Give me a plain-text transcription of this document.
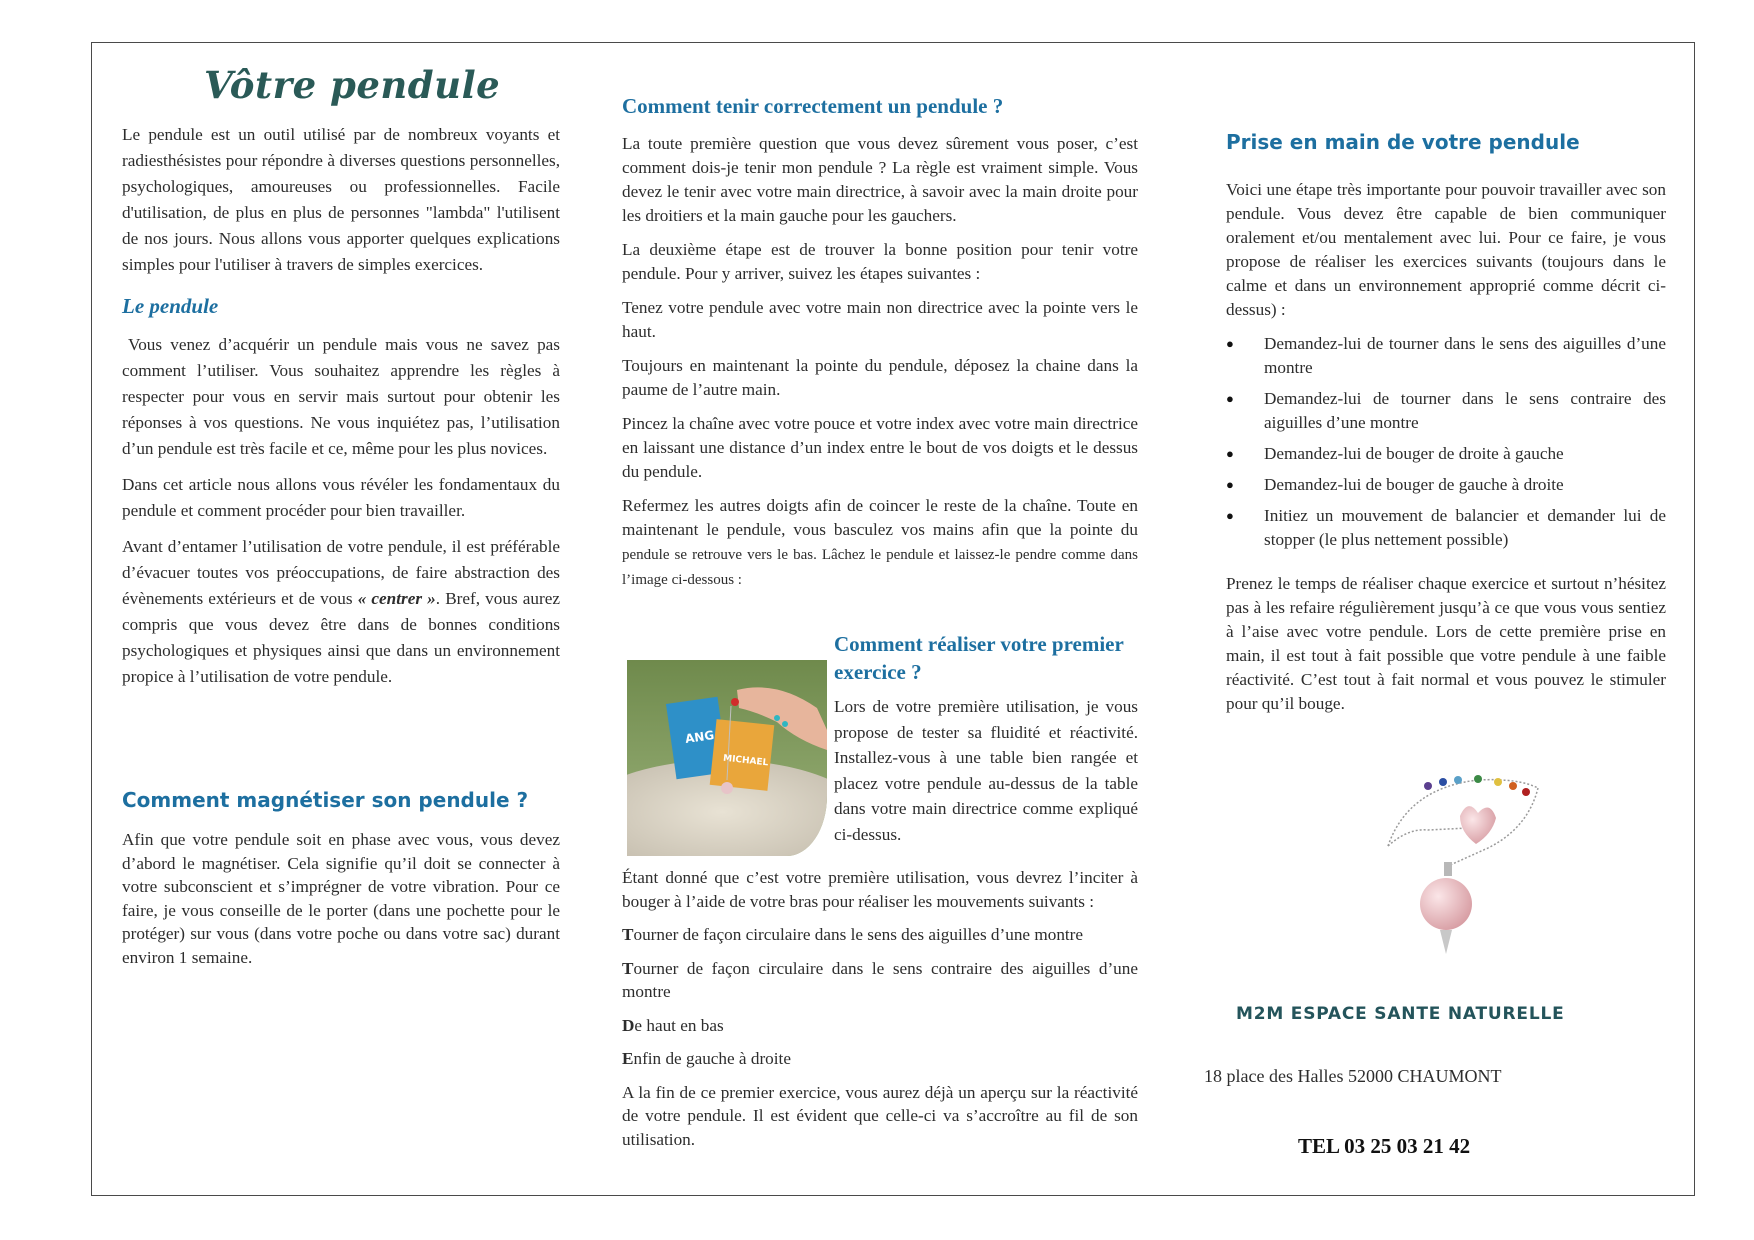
Vôtre pendule

Le pendule est un outil utilisé par de nombreux voyants et radiesthésistes pour répondre à diverses questions personnelles, psychologiques, amoureuses ou professionnelles. Facile d'utilisation, de plus en plus de personnes "lambda" l'utilisent de nos jours. Nous allons vous apporter quelques explications simples pour l'utiliser à travers de simples exercices.

Le pendule

Vous venez d’acquérir un pendule mais vous ne savez pas comment l’utiliser. Vous souhaitez apprendre les règles à respecter pour vous en servir mais surtout pour obtenir les réponses à vos questions. Ne vous inquiétez pas, l’utilisation d’un pendule est très facile et ce, même pour les plus novices.

Dans cet article nous allons vous révéler les fondamentaux du pendule et comment procéder pour bien travailler.

Avant d’entamer l’utilisation de votre pendule, il est préférable d’évacuer toutes vos préoccupations, de faire abstraction des évènements extérieurs et de vous « centrer ». Bref, vous aurez compris que vous devez être dans de bonnes conditions psychologiques et physiques ainsi que dans un environnement propice à l’utilisation de votre pendule.

Comment magnétiser son pendule ?

Afin que votre pendule soit en phase avec vous, vous devez d’abord le magnétiser. Cela signifie qu’il doit se connecter à votre subconscient et s’imprégner de votre vibration. Pour ce faire, je vous conseille de le porter (dans une pochette pour le protéger) sur vous (dans votre poche ou dans votre sac) durant environ 1 semaine.

Comment tenir correctement un pendule ?

La toute première question que vous devez sûrement vous poser, c’est comment dois-je tenir mon pendule ? La règle est vraiment simple. Vous devez le tenir avec votre main directrice, à savoir avec la main droite pour les droitiers et la main gauche pour les gauchers.

La deuxième étape est de trouver la bonne position pour tenir votre pendule. Pour y arriver, suivez les étapes suivantes :

Tenez votre pendule avec votre main non directrice avec la pointe vers le haut.

Toujours en maintenant la pointe du pendule, déposez la chaine dans la paume de l’autre main.

Pincez la chaîne avec votre pouce et votre index avec votre main directrice en laissant une distance d’un index entre le bout de vos doigts et le dessus du pendule.

Refermez les autres doigts afin de coincer le reste de la chaîne. Toute en maintenant le pendule, vous basculez vos mains afin que la pointe du pendule se retrouve vers le bas. Lâchez le pendule et laissez-le pendre comme dans l’image ci-dessous :

ANG
MICHAEL
Comment réaliser votre premier exercice ?

Lors de votre première utilisation, je vous propose de tester sa fluidité et réactivité. Installez-vous à une table bien rangée et placez votre pendule au-dessus de la table dans votre main directrice comme expliqué ci-dessus.

Étant donné que c’est votre première utilisation, vous devrez l’inciter à bouger à l’aide de votre bras pour réaliser les mouvements suivants :

Tourner de façon circulaire dans le sens des aiguilles d’une montre

Tourner de façon circulaire dans le sens contraire des aiguilles d’une montre

De haut en bas

Enfin de gauche à droite

A la fin de ce premier exercice, vous aurez déjà un aperçu sur la réactivité de votre pendule. Il est évident que celle-ci va s’accroître au fil de son utilisation.

Prise en main de votre pendule

Voici une étape très importante pour pouvoir travailler avec son pendule. Vous devez être capable de bien communiquer oralement et/ou mentalement avec lui. Pour ce faire, je vous propose de réaliser les exercices suivants (toujours dans le calme et dans un environnement approprié comme décrit ci-dessus) :

● Demandez-lui de tourner dans le sens des aiguilles d’une montre
● Demandez-lui de tourner dans le sens contraire des aiguilles d’une montre
● Demandez-lui de bouger de droite à gauche
● Demandez-lui de bouger de gauche à droite
● Initiez un mouvement de balancier et demander lui de stopper (le plus nettement possible)

Prenez le temps de réaliser chaque exercice et surtout n’hésitez pas à les refaire régulièrement jusqu’à ce que vous vous sentiez à l’aise avec votre pendule. Lors de cette première prise en main, il est tout à fait possible que votre pendule à une faible réactivité. C’est tout à fait normal et vous pouvez le stimuler pour qu’il bouge.

M2M ESPACE SANTE NATURELLE
18 place des Halles 52000 CHAUMONT
TEL 03 25 03 21 42
